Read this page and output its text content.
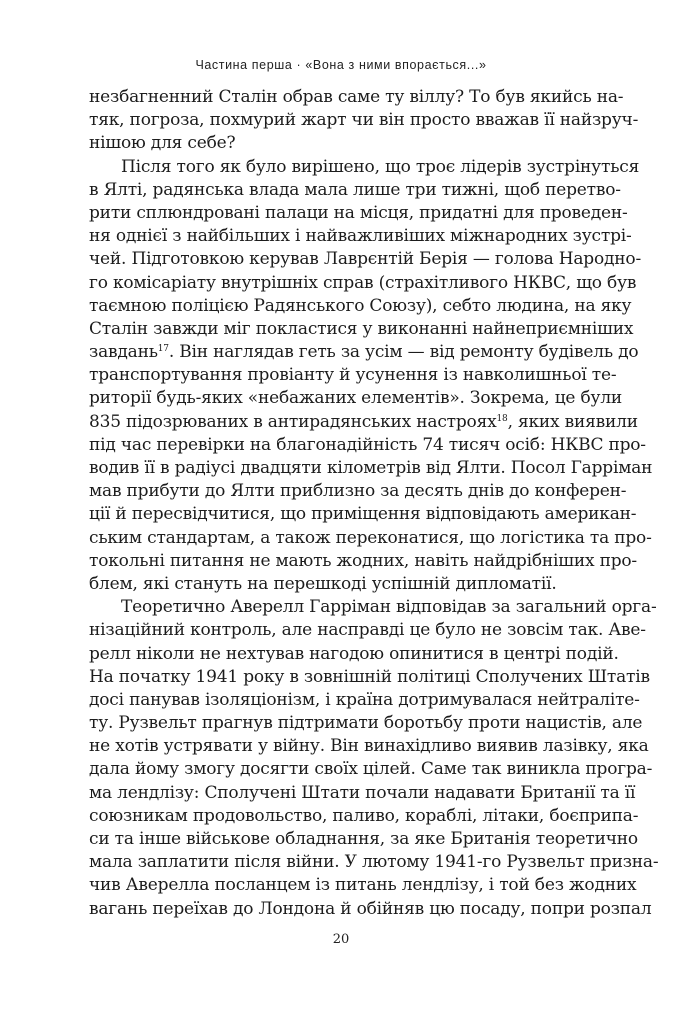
Частина перша · «Вона з ними впорається...»
незбагненний Сталін обрав саме ту віллу? То був якийсь на-
тяк, погроза, похмурий жарт чи він просто вважав її найзруч-
нішою для себе?
Після того як було вирішено, що троє лідерів зустрінуться
в Ялті, радянська влада мала лише три тижні, щоб перетво-
рити сплюндровані палаци на місця, придатні для проведен-
ня однієї з найбільших і найважливіших міжнародних зустрі-
чей. Підготовкою керував Лаврєнтій Берія — голова Народно-
го комісаріату внутрішніх справ (страхітливого НКВС, що був
таємною поліцією Радянського Союзу), себто людина, на яку
Сталін завжди міг покластися у виконанні найнеприємніших
завдань$^{17}$. Він наглядав геть за усім — від ремонту будівель до
транспортування провіанту й усунення із навколишньої те-
риторії будь-яких «небажаних елементів». Зокрема, це були
835 підозрюваних в антирадянських настроях$^{18}$, яких виявили
під час перевірки на благонадійність 74 тисяч осіб: НКВС про-
водив її в радіусі двадцяти кілометрів від Ялти. Посол Гарріман
мав прибути до Ялти приблизно за десять днів до конферен-
ції й пересвідчитися, що приміщення відповідають американ-
ським стандартам, а також переконатися, що логістика та про-
токольні питання не мають жодних, навіть найдрібніших про-
блем, які стануть на перешкоді успішній дипломатії.
Теоретично Аверелл Гарріман відповідав за загальний орга-
нізаційний контроль, але насправді це було не зовсім так. Аве-
релл ніколи не нехтував нагодою опинитися в центрі подій.
На початку 1941 року в зовнішній політиці Сполучених Штатів
досі панував ізоляціонізм, і країна дотримувалася нейтраліте-
ту. Рузвельт прагнув підтримати боротьбу проти нацистів, але
не хотів устрявати у війну. Він винахідливо виявив лазівку, яка
дала йому змогу досягти своїх цілей. Саме так виникла програ-
ма лендлізу: Сполучені Штати почали надавати Британії та її
союзникам продовольство, паливо, кораблі, літаки, боєприпа-
си та інше військове обладнання, за яке Британія теоретично
мала заплатити після війни. У лютому 1941-го Рузвельт призна-
чив Аверелла посланцем із питань лендлізу, і той без жодних
вагань переїхав до Лондона й обійняв цю посаду, попри розпал
20
